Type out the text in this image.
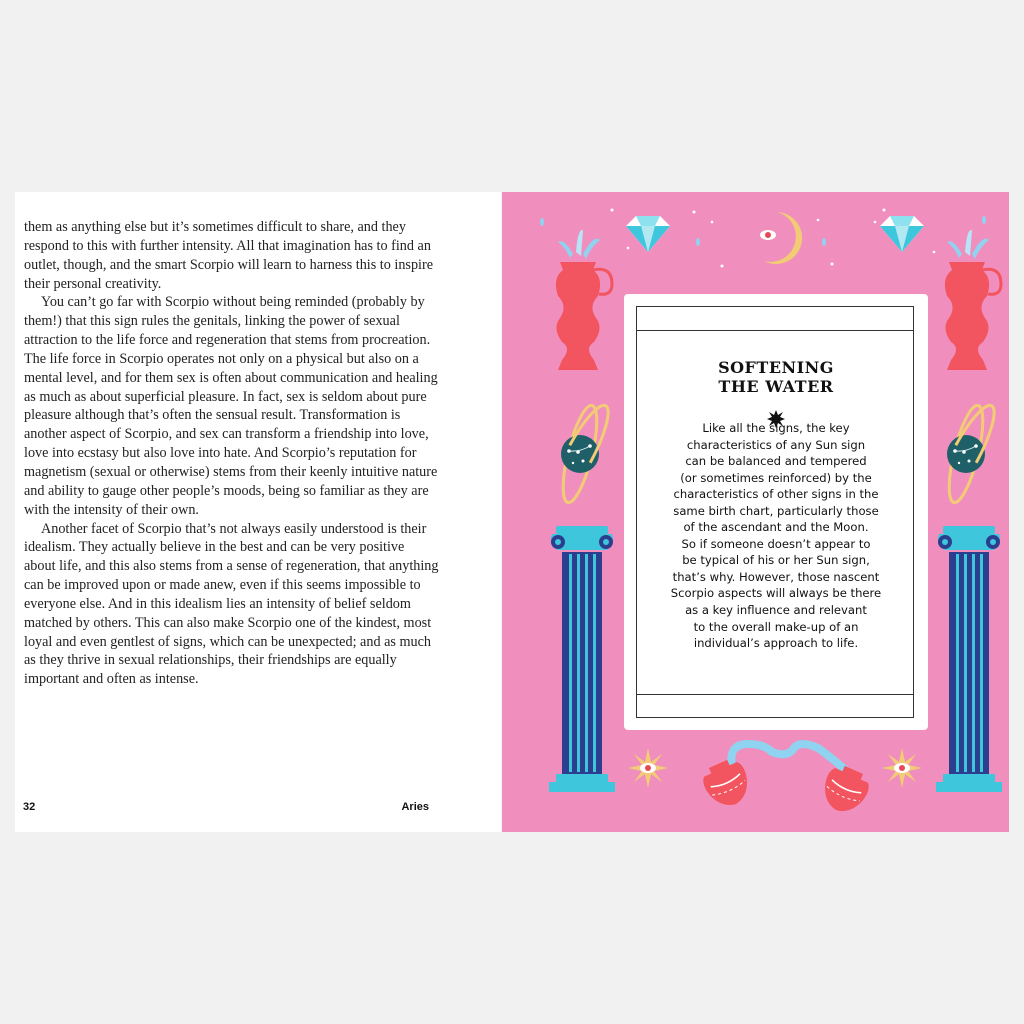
them as anything else but it’s sometimes difficult to share, and they respond to this with further intensity. All that imagination has to find an outlet, though, and the smart Scorpio will learn to harness this to inspire their personal creativity.

You can’t go far with Scorpio without being reminded (probably by them!) that this sign rules the genitals, linking the power of sexual attraction to the life force and regeneration that stems from procreation. The life force in Scorpio operates not only on a physical but also on a mental level, and for them sex is often about communication and healing as much as about superficial pleasure. In fact, sex is seldom about pure pleasure although that’s often the sensual result. Transformation is another aspect of Scorpio, and sex can transform a friendship into love, love into ecstasy but also love into hate. And Scorpio’s reputation for magnetism (sexual or otherwise) stems from their keenly intuitive nature and ability to gauge other people’s moods, being so familiar as they are with the intensity of their own.

Another facet of Scorpio that’s not always easily understood is their idealism. They actually believe in the best and can be very positive about life, and this also stems from a sense of regeneration, that anything can be improved upon or made anew, even if this seems impossible to everyone else. And in this idealism lies an intensity of belief seldom matched by others. This can also make Scorpio one of the kindest, most loyal and even gentlest of signs, which can be unexpected; and as much as they thrive in sexual relationships, their friendships are equally important and often as intense.

32	Aries
SOFTENING
THE WATER

Like all the signs, the key
characteristics of any Sun sign
can be balanced and tempered
(or sometimes reinforced) by the
characteristics of other signs in the
same birth chart, particularly those
of the ascendant and the Moon.
So if someone doesn’t appear to
be typical of his or her Sun sign,
that’s why. However, those nascent
Scorpio aspects will always be there
as a key influence and relevant
to the overall make-up of an
individual’s approach to life.
